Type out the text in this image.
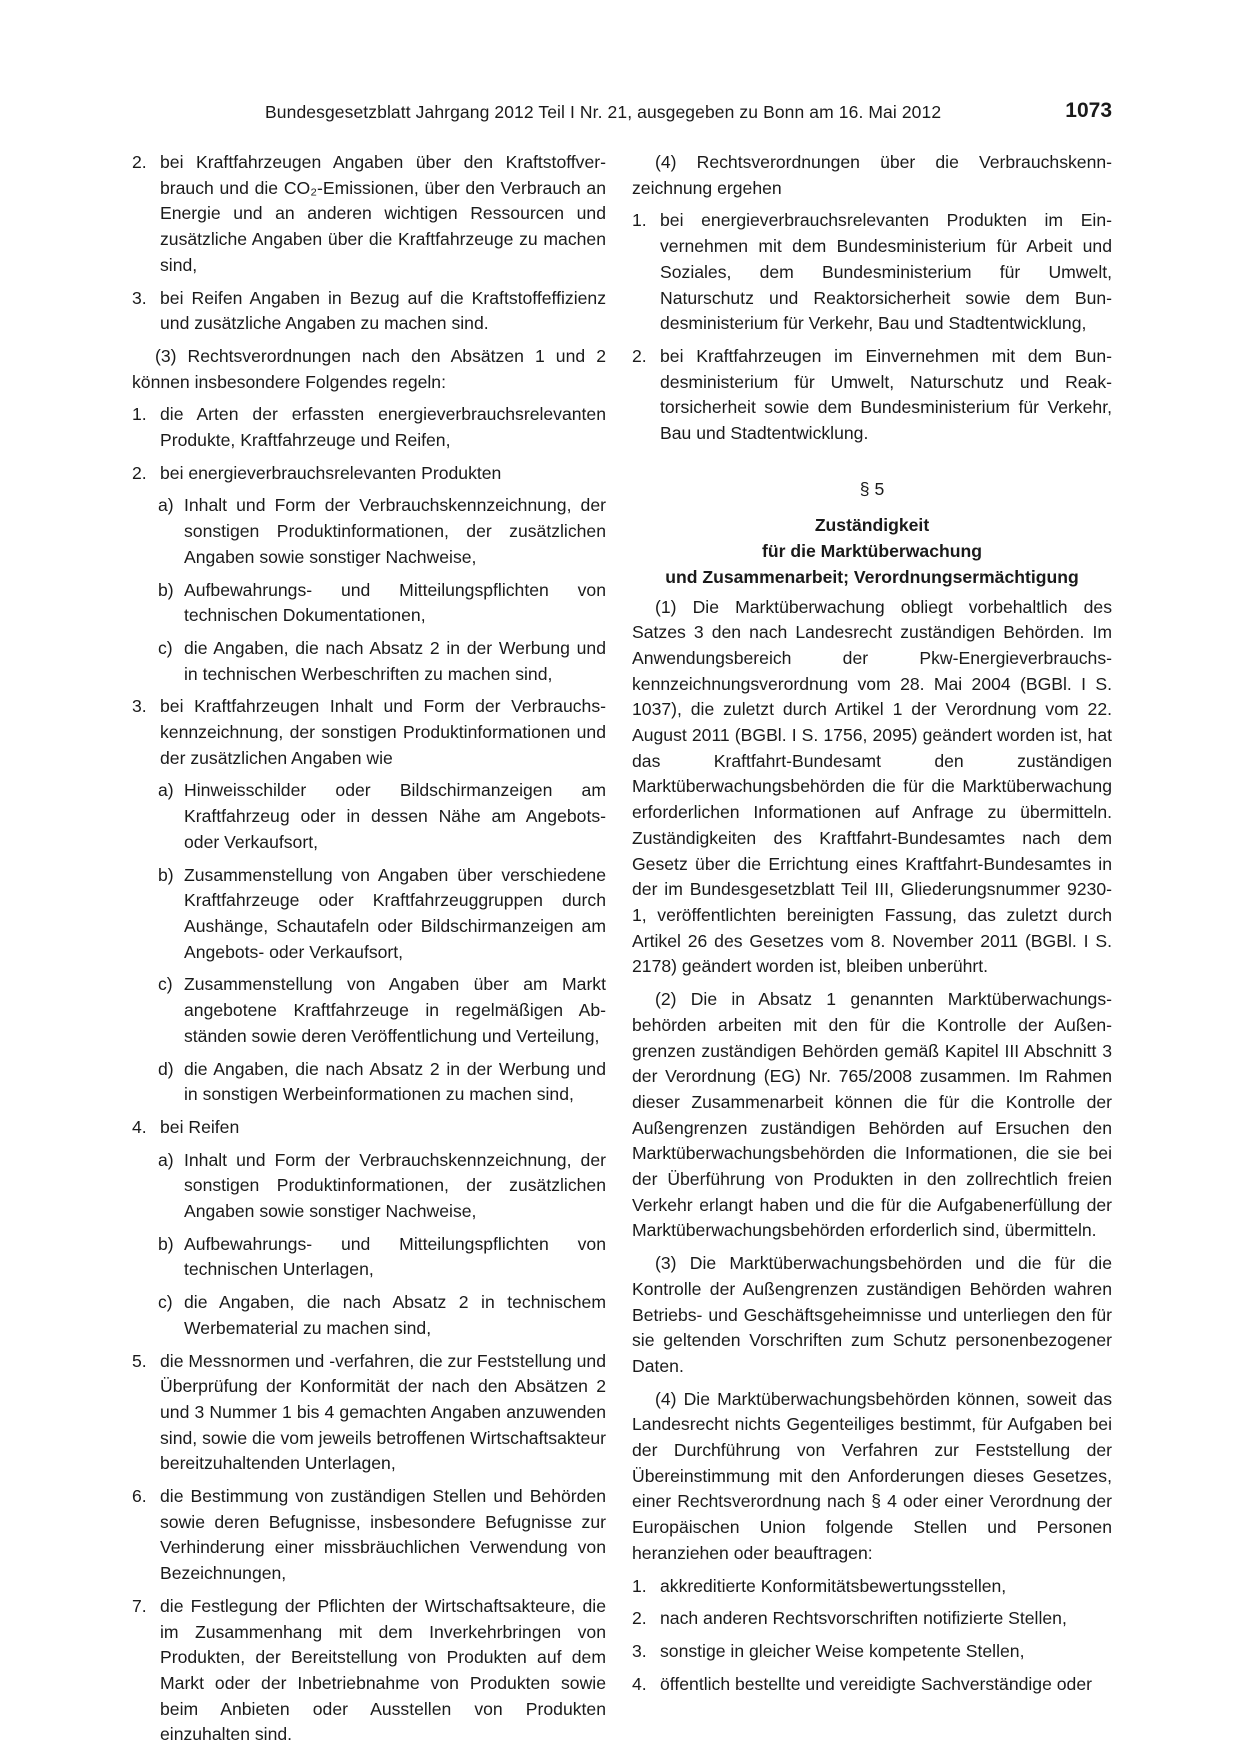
Bundesgesetzblatt Jahrgang 2012 Teil I Nr. 21, ausgegeben zu Bonn am 16. Mai 2012	1073
2. bei Kraftfahrzeugen Angaben über den Kraftstoffverbrauch und die CO₂-Emissionen, über den Verbrauch an Energie und an anderen wichtigen Ressourcen und zusätzliche Angaben über die Kraftfahrzeuge zu machen sind,

3. bei Reifen Angaben in Bezug auf die Kraftstoffeffizienz und zusätzliche Angaben zu machen sind.

(3) Rechtsverordnungen nach den Absätzen 1 und 2 können insbesondere Folgendes regeln:

1. die Arten der erfassten energieverbrauchsrelevanten Produkte, Kraftfahrzeuge und Reifen,

2. bei energieverbrauchsrelevanten Produkten

a) Inhalt und Form der Verbrauchskennzeichnung, der sonstigen Produktinformationen, der zusätzlichen Angaben sowie sonstiger Nachweise,

b) Aufbewahrungs- und Mitteilungspflichten von technischen Dokumentationen,

c) die Angaben, die nach Absatz 2 in der Werbung und in technischen Werbeschriften zu machen sind,

3. bei Kraftfahrzeugen Inhalt und Form der Verbrauchskennzeichnung, der sonstigen Produktinformationen und der zusätzlichen Angaben wie

a) Hinweisschilder oder Bildschirmanzeigen am Kraftfahrzeug oder in dessen Nähe am Angebots- oder Verkaufsort,

b) Zusammenstellung von Angaben über verschiedene Kraftfahrzeuge oder Kraftfahrzeuggruppen durch Aushänge, Schautafeln oder Bildschirmanzeigen am Angebots- oder Verkaufsort,

c) Zusammenstellung von Angaben über am Markt angebotene Kraftfahrzeuge in regelmäßigen Abständen sowie deren Veröffentlichung und Verteilung,

d) die Angaben, die nach Absatz 2 in der Werbung und in sonstigen Werbeinformationen zu machen sind,

4. bei Reifen

a) Inhalt und Form der Verbrauchskennzeichnung, der sonstigen Produktinformationen, der zusätzlichen Angaben sowie sonstiger Nachweise,

b) Aufbewahrungs- und Mitteilungspflichten von technischen Unterlagen,

c) die Angaben, die nach Absatz 2 in technischem Werbematerial zu machen sind,

5. die Messnormen und -verfahren, die zur Feststellung und Überprüfung der Konformität der nach den Absätzen 2 und 3 Nummer 1 bis 4 gemachten Angaben anzuwenden sind, sowie die vom jeweils betroffenen Wirtschaftsakteur bereitzuhaltenden Unterlagen,

6. die Bestimmung von zuständigen Stellen und Behörden sowie deren Befugnisse, insbesondere Befugnisse zur Verhinderung einer missbräuchlichen Verwendung von Bezeichnungen,

7. die Festlegung der Pflichten der Wirtschaftsakteure, die im Zusammenhang mit dem Inverkehrbringen von Produkten, der Bereitstellung von Produkten auf dem Markt oder der Inbetriebnahme von Produkten sowie beim Anbieten oder Ausstellen von Produkten einzuhalten sind.

(4) Rechtsverordnungen über die Verbrauchskennzeichnung ergehen

1. bei energieverbrauchsrelevanten Produkten im Einvernehmen mit dem Bundesministerium für Arbeit und Soziales, dem Bundesministerium für Umwelt, Naturschutz und Reaktorsicherheit sowie dem Bundesministerium für Verkehr, Bau und Stadtentwicklung,

2. bei Kraftfahrzeugen im Einvernehmen mit dem Bundesministerium für Umwelt, Naturschutz und Reaktorsicherheit sowie dem Bundesministerium für Verkehr, Bau und Stadtentwicklung.

§ 5
Zuständigkeit
für die Marktüberwachung
und Zusammenarbeit; Verordnungsermächtigung

(1) Die Marktüberwachung obliegt vorbehaltlich des Satzes 3 den nach Landesrecht zuständigen Behörden. Im Anwendungsbereich der Pkw-Energieverbrauchskennzeichnungsverordnung vom 28. Mai 2004 (BGBl. I S. 1037), die zuletzt durch Artikel 1 der Verordnung vom 22. August 2011 (BGBl. I S. 1756, 2095) geändert worden ist, hat das Kraftfahrt-Bundesamt den zuständigen Marktüberwachungsbehörden die für die Marktüberwachung erforderlichen Informationen auf Anfrage zu übermitteln. Zuständigkeiten des Kraftfahrt-Bundesamtes nach dem Gesetz über die Errichtung eines Kraftfahrt-Bundesamtes in der im Bundesgesetzblatt Teil III, Gliederungsnummer 9230-1, veröffentlichten bereinigten Fassung, das zuletzt durch Artikel 26 des Gesetzes vom 8. November 2011 (BGBl. I S. 2178) geändert worden ist, bleiben unberührt.

(2) Die in Absatz 1 genannten Marktüberwachungsbehörden arbeiten mit den für die Kontrolle der Außengrenzen zuständigen Behörden gemäß Kapitel III Abschnitt 3 der Verordnung (EG) Nr. 765/2008 zusammen. Im Rahmen dieser Zusammenarbeit können die für die Kontrolle der Außengrenzen zuständigen Behörden auf Ersuchen den Marktüberwachungsbehörden die Informationen, die sie bei der Überführung von Produkten in den zollrechtlich freien Verkehr erlangt haben und die für die Aufgabenerfüllung der Marktüberwachungsbehörden erforderlich sind, übermitteln.

(3) Die Marktüberwachungsbehörden und die für die Kontrolle der Außengrenzen zuständigen Behörden wahren Betriebs- und Geschäftsgeheimnisse und unterliegen den für sie geltenden Vorschriften zum Schutz personenbezogener Daten.

(4) Die Marktüberwachungsbehörden können, soweit das Landesrecht nichts Gegenteiliges bestimmt, für Aufgaben bei der Durchführung von Verfahren zur Feststellung der Übereinstimmung mit den Anforderungen dieses Gesetzes, einer Rechtsverordnung nach § 4 oder einer Verordnung der Europäischen Union folgende Stellen und Personen heranziehen oder beauftragen:

1. akkreditierte Konformitätsbewertungsstellen,

2. nach anderen Rechtsvorschriften notifizierte Stellen,

3. sonstige in gleicher Weise kompetente Stellen,

4. öffentlich bestellte und vereidigte Sachverständige oder
